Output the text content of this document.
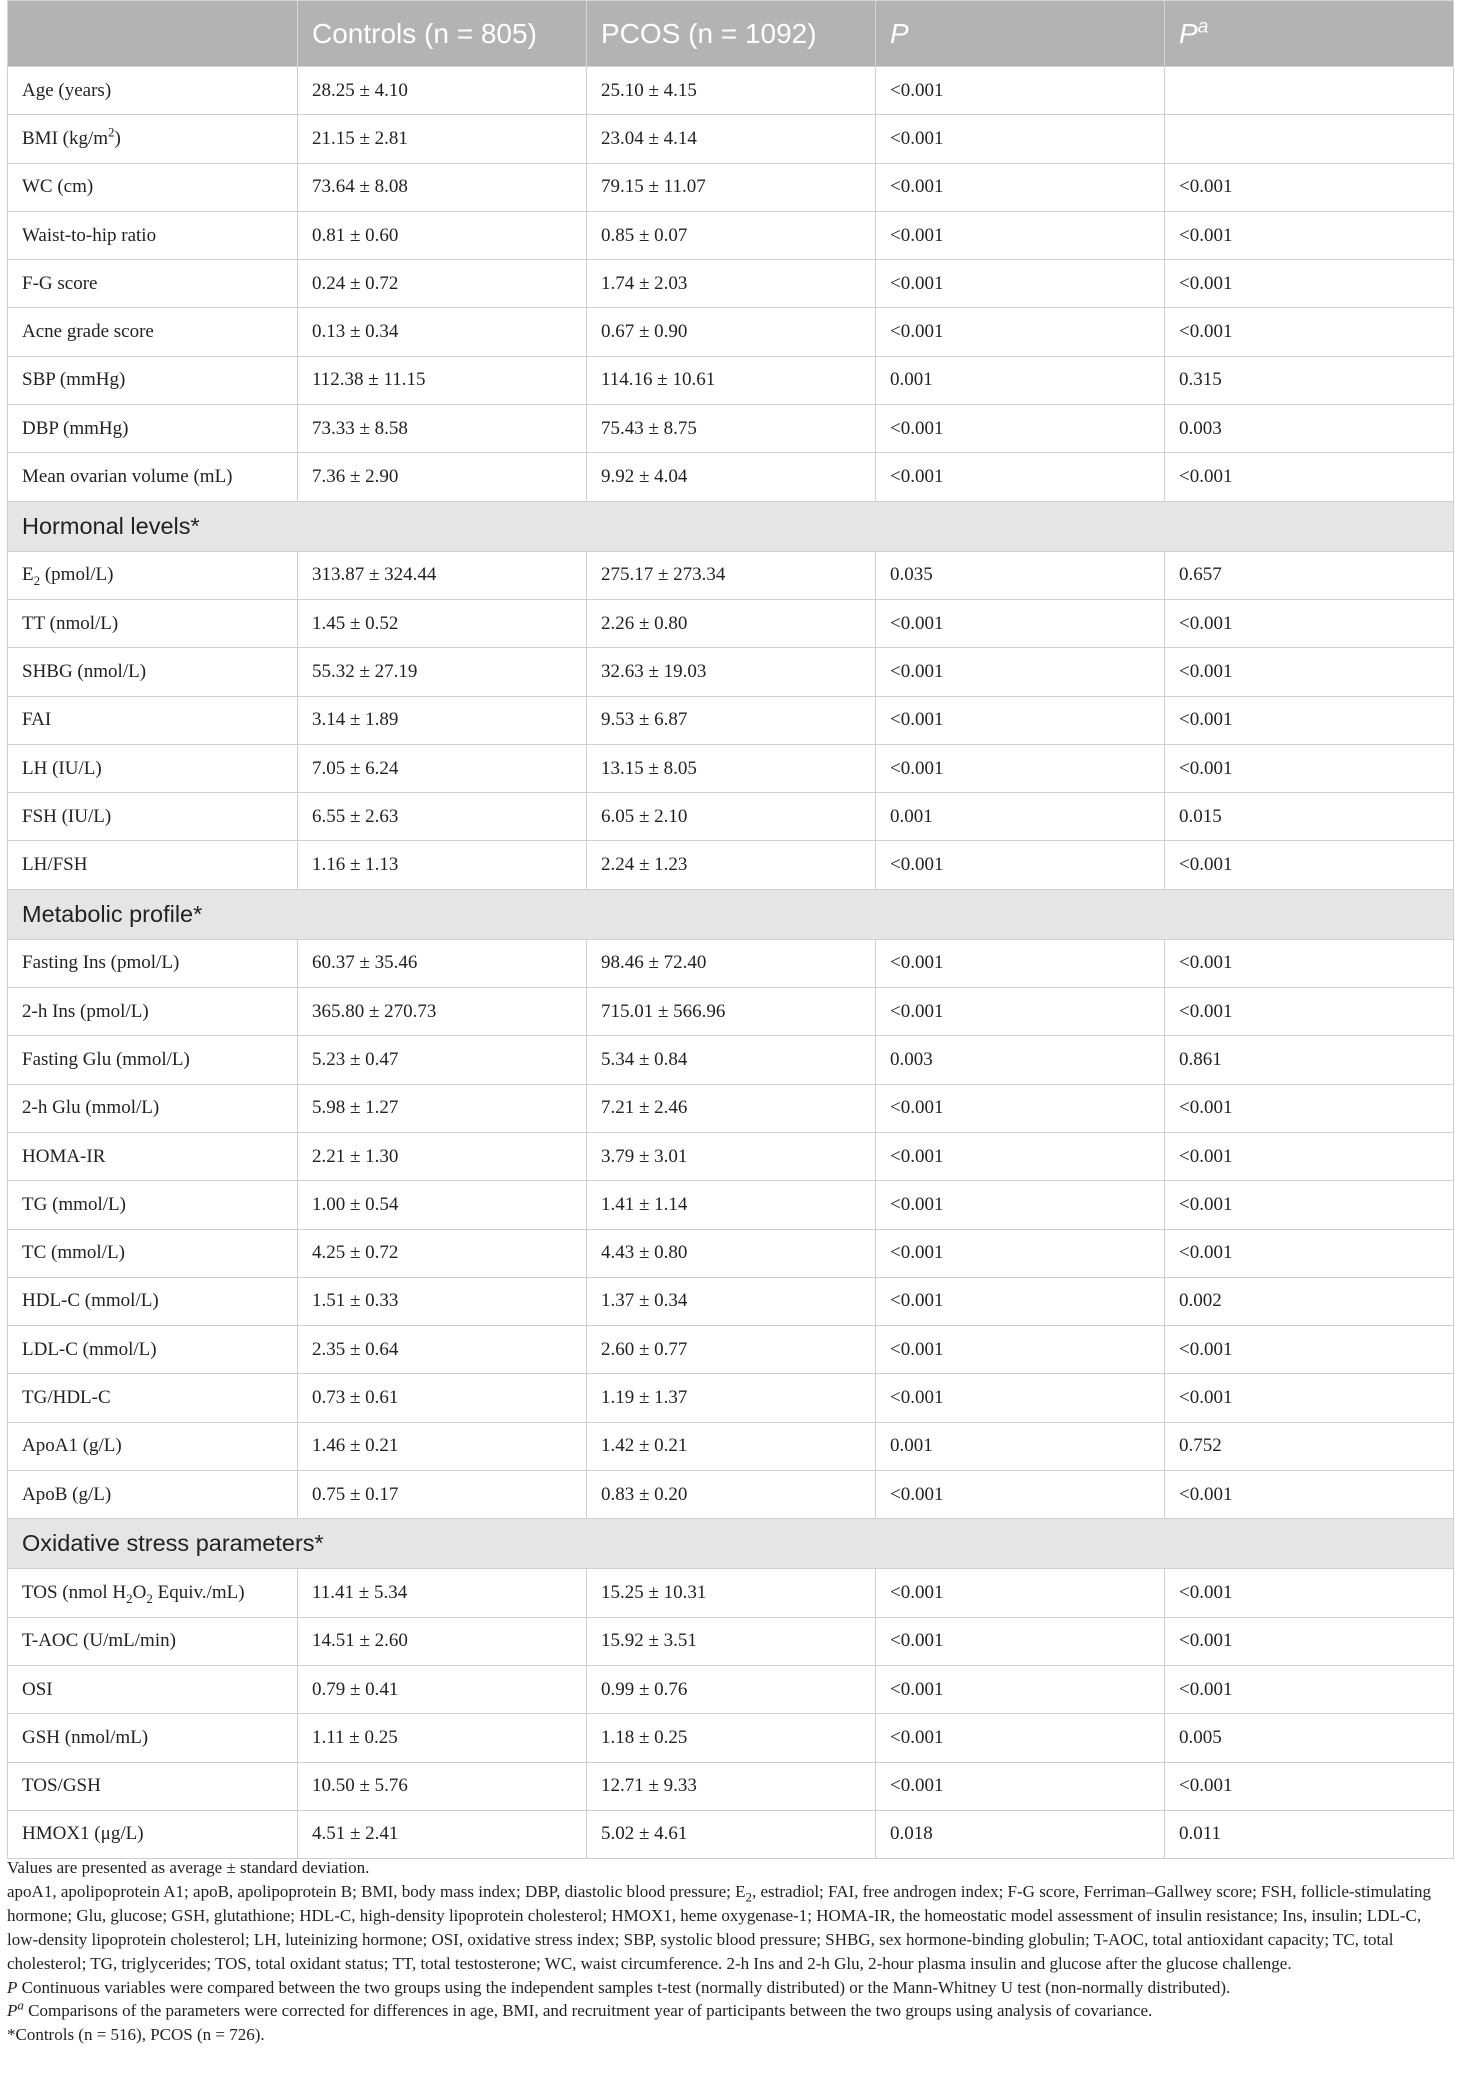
	Controls (n = 805)	PCOS (n = 1092)	P	$P^a$
Age (years)	28.25 ± 4.10	25.10 ± 4.15	<0.001	
BMI $(kg/m^2)$	21.15 ± 2.81	23.04 ± 4.14	<0.001	
WC (cm)	73.64 ± 8.08	79.15 ± 11.07	<0.001	<0.001
Waist-to-hip ratio	0.81 ± 0.60	0.85 ± 0.07	<0.001	<0.001
F-G score	0.24 ± 0.72	1.74 ± 2.03	<0.001	<0.001
Acne grade score	0.13 ± 0.34	0.67 ± 0.90	<0.001	<0.001
SBP (mmHg)	112.38 ± 11.15	114.16 ± 10.61	0.001	0.315
DBP (mmHg)	73.33 ± 8.58	75.43 ± 8.75	<0.001	0.003
Mean ovarian volume (mL)	7.36 ± 2.90	9.92 ± 4.04	<0.001	<0.001
Hormonal levels*				
$E_2$ (pmol/L)	313.87 ± 324.44	275.17 ± 273.34	0.035	0.657
TT (nmol/L)	1.45 ± 0.52	2.26 ± 0.80	<0.001	<0.001
SHBG (nmol/L)	55.32 ± 27.19	32.63 ± 19.03	<0.001	<0.001
FAI	3.14 ± 1.89	9.53 ± 6.87	<0.001	<0.001
LH (IU/L)	7.05 ± 6.24	13.15 ± 8.05	<0.001	<0.001
FSH (IU/L)	6.55 ± 2.63	6.05 ± 2.10	0.001	0.015
LH/FSH	1.16 ± 1.13	2.24 ± 1.23	<0.001	<0.001
Metabolic profile*				
Fasting Ins (pmol/L)	60.37 ± 35.46	98.46 ± 72.40	<0.001	<0.001
2-h Ins (pmol/L)	365.80 ± 270.73	715.01 ± 566.96	<0.001	<0.001
Fasting Glu (mmol/L)	5.23 ± 0.47	5.34 ± 0.84	0.003	0.861
2-h Glu (mmol/L)	5.98 ± 1.27	7.21 ± 2.46	<0.001	<0.001
HOMA-IR	2.21 ± 1.30	3.79 ± 3.01	<0.001	<0.001
TG (mmol/L)	1.00 ± 0.54	1.41 ± 1.14	<0.001	<0.001
TC (mmol/L)	4.25 ± 0.72	4.43 ± 0.80	<0.001	<0.001
HDL-C (mmol/L)	1.51 ± 0.33	1.37 ± 0.34	<0.001	0.002
LDL-C (mmol/L)	2.35 ± 0.64	2.60 ± 0.77	<0.001	<0.001
TG/HDL-C	0.73 ± 0.61	1.19 ± 1.37	<0.001	<0.001
ApoA1 (g/L)	1.46 ± 0.21	1.42 ± 0.21	0.001	0.752
ApoB (g/L)	0.75 ± 0.17	0.83 ± 0.20	<0.001	<0.001
Oxidative stress parameters*				
TOS (nmol $H_2O_2$ Equiv./mL)	11.41 ± 5.34	15.25 ± 10.31	<0.001	<0.001
T-AOC (U/mL/min)	14.51 ± 2.60	15.92 ± 3.51	<0.001	<0.001
OSI	0.79 ± 0.41	0.99 ± 0.76	<0.001	<0.001
GSH (nmol/mL)	1.11 ± 0.25	1.18 ± 0.25	<0.001	0.005
TOS/GSH	10.50 ± 5.76	12.71 ± 9.33	<0.001	<0.001
HMOX1 (μg/L)	4.51 ± 2.41	5.02 ± 4.61	0.018	0.011

Values are presented as average ± standard deviation.

apoA1, apolipoprotein A1; apoB, apolipoprotein B; BMI, body mass index; DBP, diastolic blood pressure; $E_2$, estradiol; FAI, free androgen index; F-G score, Ferriman–Gallwey score; FSH, follicle-stimulating hormone; Glu, glucose; GSH, glutathione; HDL-C, high-density lipoprotein cholesterol; HMOX1, heme oxygenase-1; HOMA-IR, the homeostatic model assessment of insulin resistance; Ins, insulin; LDL-C, low-density lipoprotein cholesterol; LH, luteinizing hormone; OSI, oxidative stress index; SBP, systolic blood pressure; SHBG, sex hormone-binding globulin; T-AOC, total antioxidant capacity; TC, total cholesterol; TG, triglycerides; TOS, total oxidant status; TT, total testosterone; WC, waist circumference. 2-h Ins and 2-h Glu, 2-hour plasma insulin and glucose after the glucose challenge.

P Continuous variables were compared between the two groups using the independent samples t-test (normally distributed) or the Mann-Whitney U test (non-normally distributed).

$P^a$ Comparisons of the parameters were corrected for differences in age, BMI, and recruitment year of participants between the two groups using analysis of covariance.

*Controls (n = 516), PCOS (n = 726).
